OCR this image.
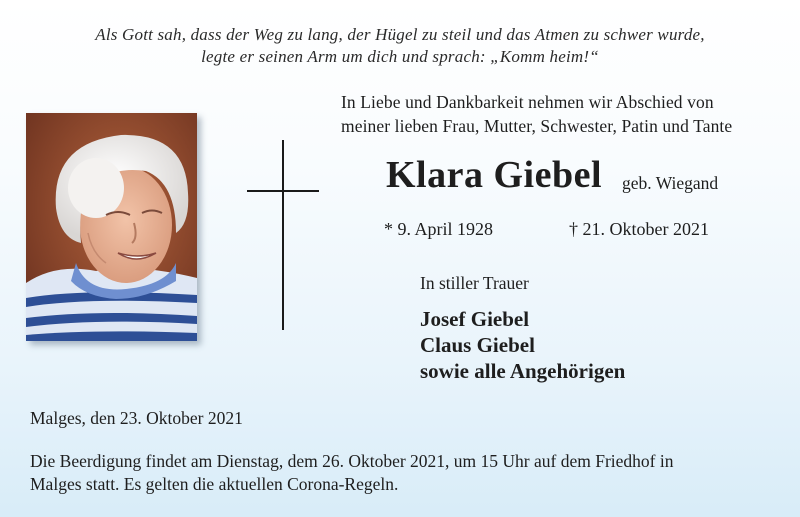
Als Gott sah, dass der Weg zu lang, der Hügel zu steil und das Atmen zu schwer wurde,
legte er seinen Arm um dich und sprach: „Komm heim!“
In Liebe und Dankbarkeit nehmen wir Abschied von
meiner lieben Frau, Mutter, Schwester, Patin und Tante
Klara Giebel geb. Wiegand
* 9. April 1928	† 21. Oktober 2021
In stiller Trauer
Josef Giebel
Claus Giebel
sowie alle Angehörigen
Malges, den 23. Oktober 2021
Die Beerdigung findet am Dienstag, dem 26. Oktober 2021, um 15 Uhr auf dem Friedhof in
Malges statt. Es gelten die aktuellen Corona-Regeln.
